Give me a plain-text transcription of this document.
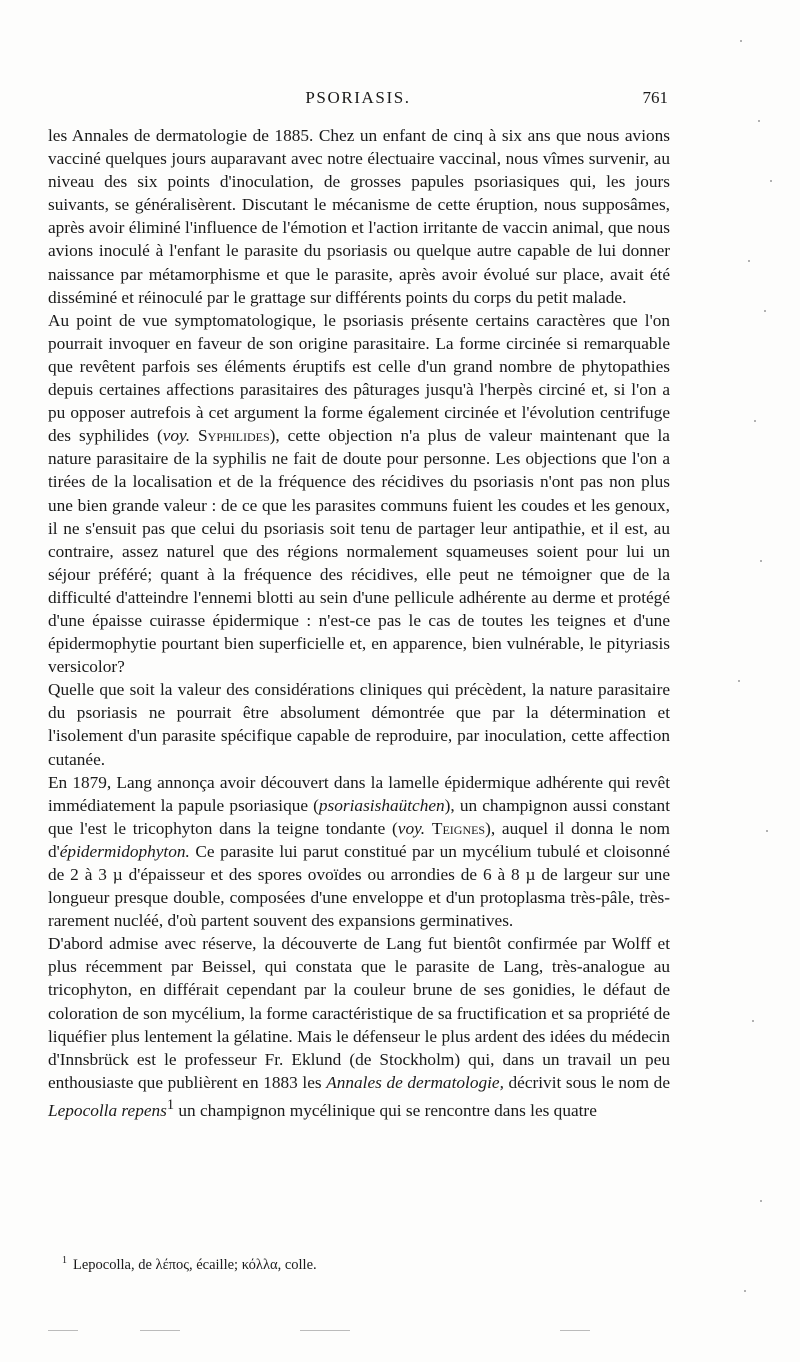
PSORIASIS.	761

les Annales de dermatologie de 1885. Chez un enfant de cinq à six ans que nous avions vacciné quelques jours auparavant avec notre électuaire vaccinal, nous vîmes survenir, au niveau des six points d'inoculation, de grosses papules psoriasiques qui, les jours suivants, se généralisèrent. Discutant le mécanisme de cette éruption, nous supposâmes, après avoir éliminé l'influence de l'émotion et l'action irritante de vaccin animal, que nous avions inoculé à l'enfant le parasite du psoriasis ou quelque autre capable de lui donner naissance par métamorphisme et que le parasite, après avoir évolué sur place, avait été disséminé et réinoculé par le grattage sur différents points du corps du petit malade.

Au point de vue symptomatologique, le psoriasis présente certains caractères que l'on pourrait invoquer en faveur de son origine parasitaire. La forme circinée si remarquable que revêtent parfois ses éléments éruptifs est celle d'un grand nombre de phytopathies depuis certaines affections parasitaires des pâturages jusqu'à l'herpès circiné et, si l'on a pu opposer autrefois à cet argument la forme également circinée et l'évolution centrifuge des syphilides (voy. Syphilides), cette objection n'a plus de valeur maintenant que la nature parasitaire de la syphilis ne fait de doute pour personne. Les objections que l'on a tirées de la localisation et de la fréquence des récidives du psoriasis n'ont pas non plus une bien grande valeur : de ce que les parasites communs fuient les coudes et les genoux, il ne s'ensuit pas que celui du psoriasis soit tenu de partager leur antipathie, et il est, au contraire, assez naturel que des régions normalement squameuses soient pour lui un séjour préféré; quant à la fréquence des récidives, elle peut ne témoigner que de la difficulté d'atteindre l'ennemi blotti au sein d'une pellicule adhérente au derme et protégé d'une épaisse cuirasse épidermique : n'est-ce pas le cas de toutes les teignes et d'une épidermophytie pourtant bien superficielle et, en apparence, bien vulnérable, le pityriasis versicolor?

Quelle que soit la valeur des considérations cliniques qui précèdent, la nature parasitaire du psoriasis ne pourrait être absolument démontrée que par la détermination et l'isolement d'un parasite spécifique capable de reproduire, par inoculation, cette affection cutanée.

En 1879, Lang annonça avoir découvert dans la lamelle épidermique adhérente qui revêt immédiatement la papule psoriasique (psoriasishaütchen), un champignon aussi constant que l'est le tricophyton dans la teigne tondante (voy. Teignes), auquel il donna le nom d'épidermidophyton. Ce parasite lui parut constitué par un mycélium tubulé et cloisonné de 2 à 3 µ d'épaisseur et des spores ovoïdes ou arrondies de 6 à 8 µ de largeur sur une longueur presque double, composées d'une enveloppe et d'un protoplasma très-pâle, très-rarement nucléé, d'où partent souvent des expansions germinatives.

D'abord admise avec réserve, la découverte de Lang fut bientôt confirmée par Wolff et plus récemment par Beissel, qui constata que le parasite de Lang, très-analogue au tricophyton, en différait cependant par la couleur brune de ses gonidies, le défaut de coloration de son mycélium, la forme caractéristique de sa fructification et sa propriété de liquéfier plus lentement la gélatine. Mais le défenseur le plus ardent des idées du médecin d'Innsbrück est le professeur Fr. Eklund (de Stockholm) qui, dans un travail un peu enthousiaste que publièrent en 1883 les Annales de dermatologie, décrivit sous le nom de Lepocolla repens$^1$ un champignon mycélinique qui se rencontre dans les quatre

$^1$ Lepocolla, de λέπος, écaille; κόλλα, colle.
